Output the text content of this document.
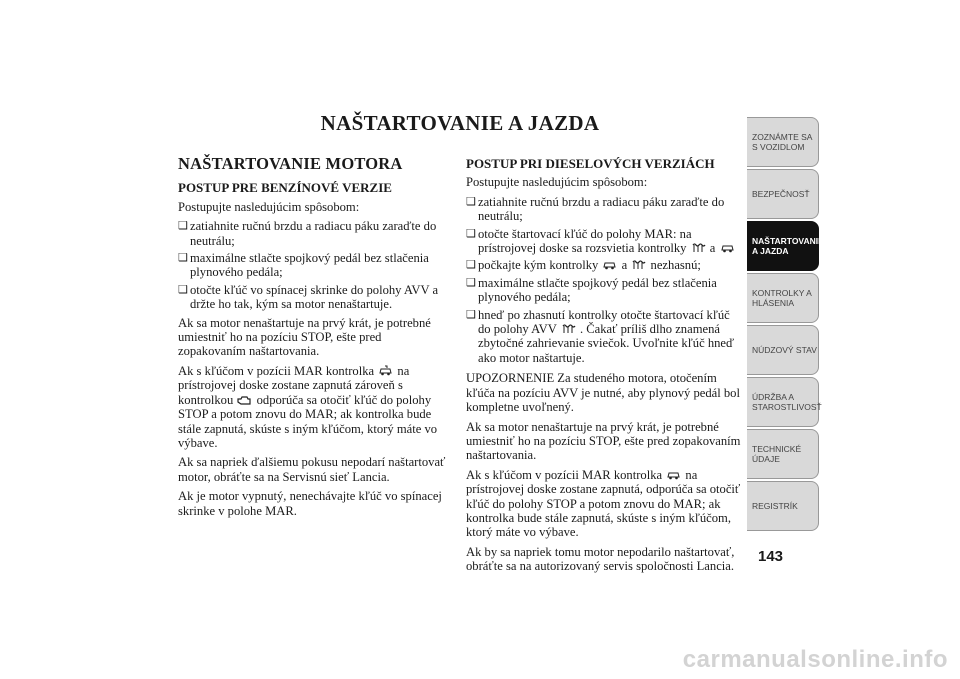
NAŠTARTOVANIE A JAZDA
NAŠTARTOVANIE MOTORA
POSTUP PRE BENZÍNOVÉ VERZIE

Postupujte nasledujúcim spôsobom:

❑ zatiahnite ručnú brzdu a radiacu páku zaraďte do neutrálu;
❑ maximálne stlačte spojkový pedál bez stlačenia plynového pedála;
❑ otočte kľúč vo spínacej skrinke do polohy AVV a držte ho tak, kým sa motor nenaštartuje.

Ak sa motor nenaštartuje na prvý krát, je potrebné umiestniť ho na pozíciu STOP, ešte pred zopakovaním naštartovania.

Ak s kľúčom v pozícii MAR kontrolka na prístrojovej doske zostane zapnutá zároveň s kontrolkou odporúča sa otočiť kľúč do polohy STOP a potom znovu do MAR; ak kontrolka bude stále zapnutá, skúste s iným kľúčom, ktorý máte vo výbave.

Ak sa napriek ďalšiemu pokusu nepodarí naštartovať motor, obráťte sa na Servisnú sieť Lancia.

Ak je motor vypnutý, nenechávajte kľúč vo spínacej skrinke v polohe MAR.

POSTUP PRI DIESELOVÝCH VERZIÁCH

Postupujte nasledujúcim spôsobom:

❑ zatiahnite ručnú brzdu a radiacu páku zaraďte do neutrálu;
❑ otočte štartovací kľúč do polohy MAR: na prístrojovej doske sa rozsvietia kontrolky a
❑ počkajte kým kontrolky a nezhasnú;
❑ maximálne stlačte spojkový pedál bez stlačenia plynového pedála;
❑ hneď po zhasnutí kontrolky otočte štartovací kľúč do polohy AVV . Čakať príliš dlho znamená zbytočné zahrievanie sviečok. Uvoľnite kľúč hneď ako motor naštartuje.

UPOZORNENIE Za studeného motora, otočením kľúča na pozíciu AVV je nutné, aby plynový pedál bol kompletne uvoľnený.

Ak sa motor nenaštartuje na prvý krát, je potrebné umiestniť ho na pozíciu STOP, ešte pred zopakovaním naštartovania.

Ak s kľúčom v pozícii MAR kontrolka na prístrojovej doske zostane zapnutá, odporúča sa otočiť kľúč do polohy STOP a potom znovu do MAR; ak kontrolka bude stále zapnutá, skúste s iným kľúčom, ktorý máte vo výbave.

Ak by sa napriek tomu motor nepodarilo naštartovať, obráťte sa na autorizovaný servis spoločnosti Lancia.

ZOZNÁMTE SA S VOZIDLOM
BEZPEČNOSŤ
NAŠTARTOVANIE A JAZDA
KONTROLKY A HLÁSENIA
NÚDZOVÝ STAV
ÚDRŽBA A STAROSTLIVOSŤ
TECHNICKÉ ÚDAJE
REGISTRÍK
143
carmanualsonline.info
